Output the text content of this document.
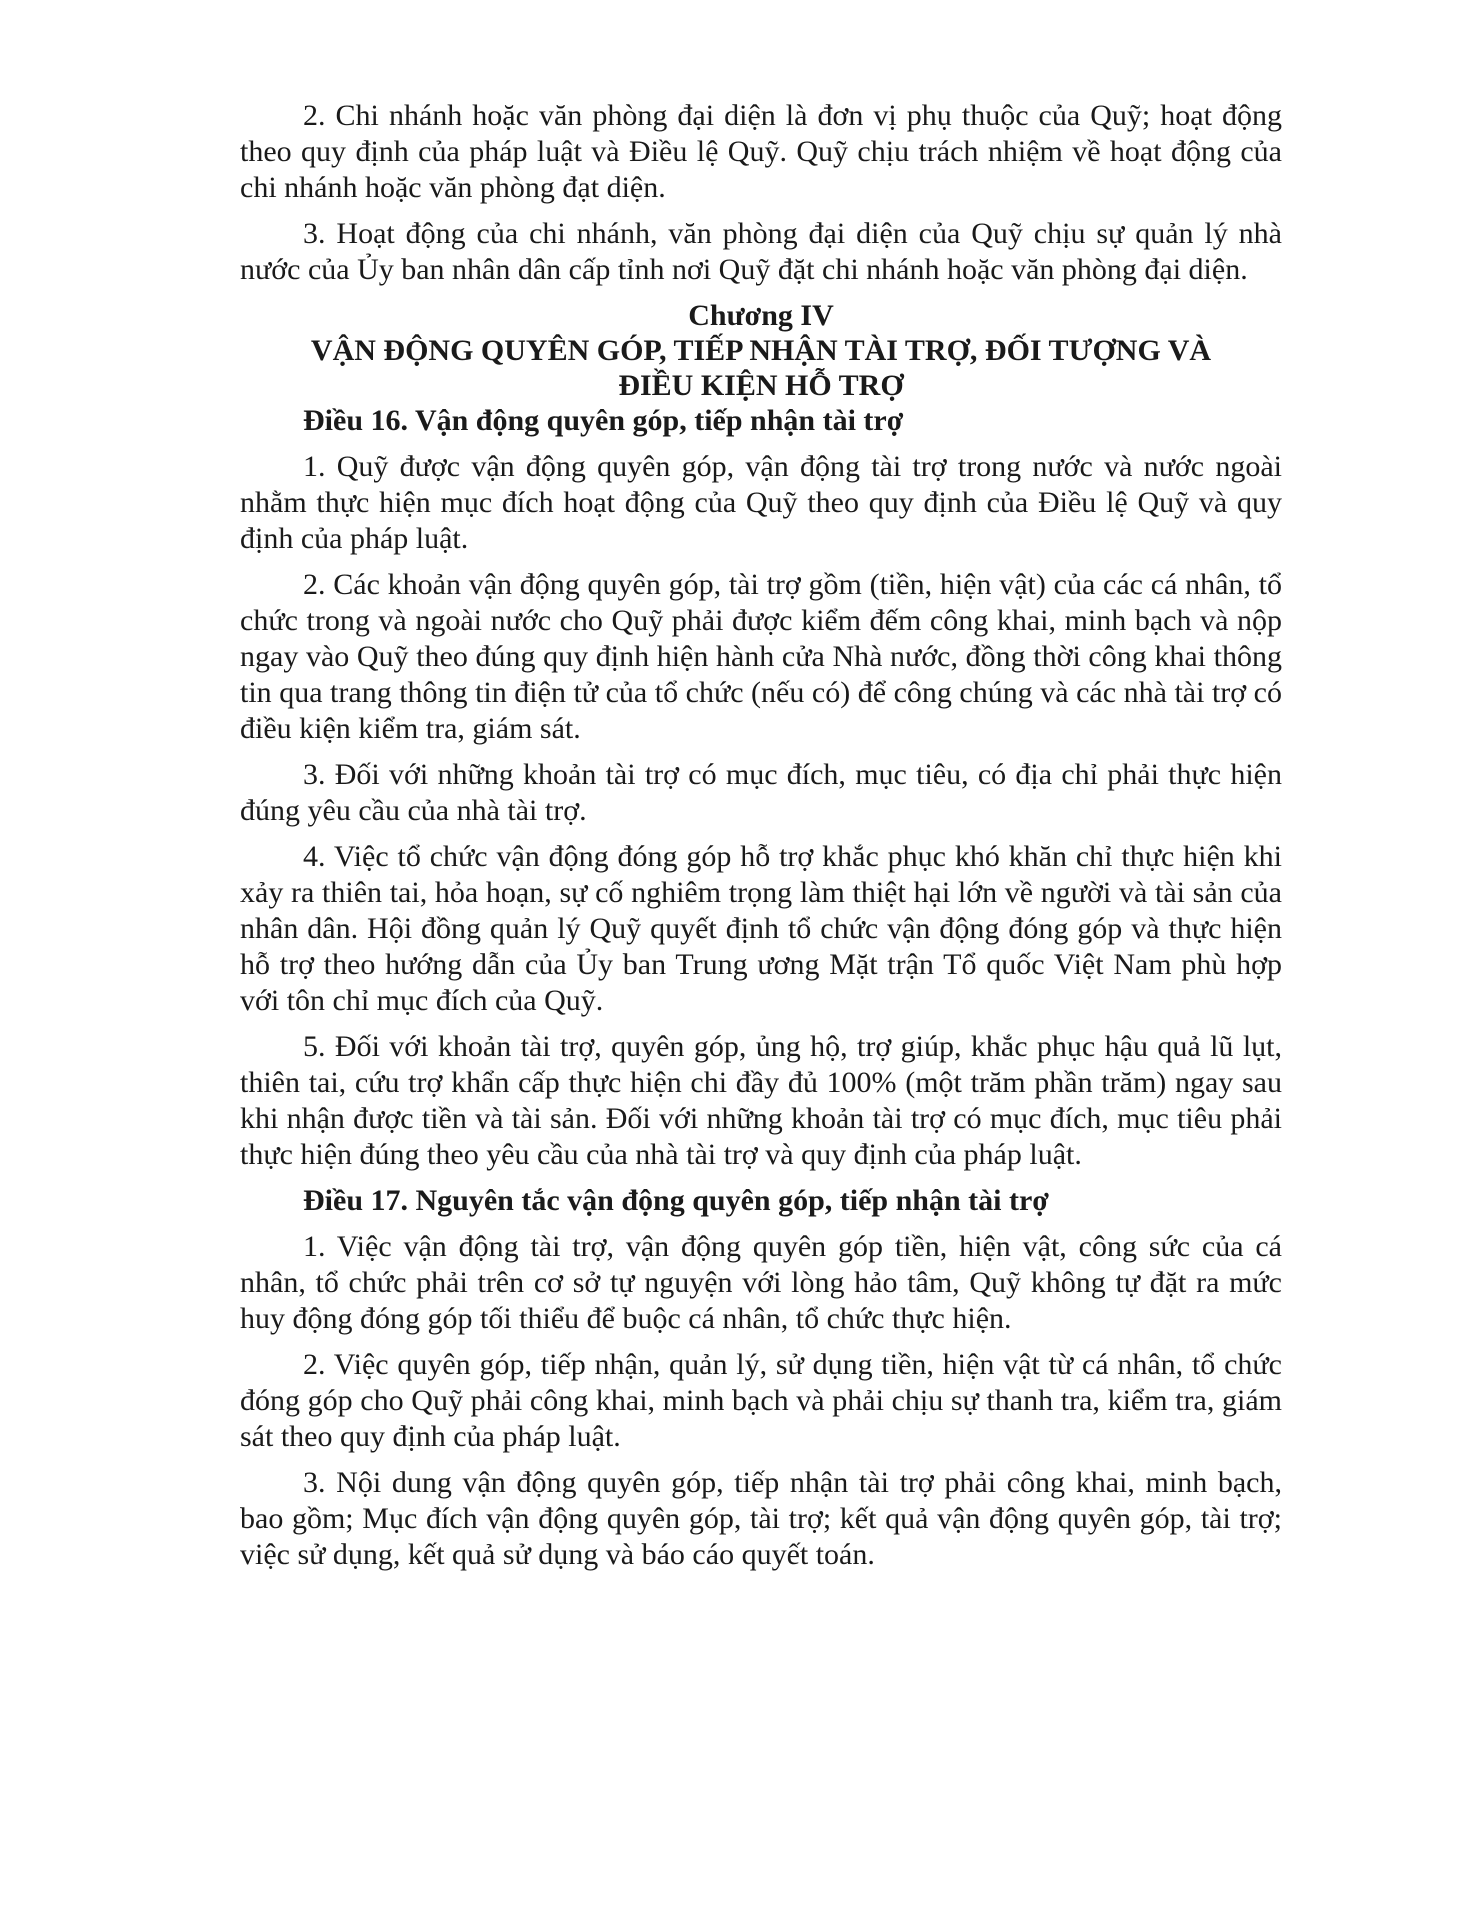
2. Chi nhánh hoặc văn phòng đại diện là đơn vị phụ thuộc của Quỹ; hoạt động theo quy định của pháp luật và Điều lệ Quỹ. Quỹ chịu trách nhiệm về hoạt động của chi nhánh hoặc văn phòng đạt diện.

3. Hoạt động của chi nhánh, văn phòng đại diện của Quỹ chịu sự quản lý nhà nước của Ủy ban nhân dân cấp tỉnh nơi Quỹ đặt chi nhánh hoặc văn phòng đại diện.

Chương IV

VẬN ĐỘNG QUYÊN GÓP, TIẾP NHẬN TÀI TRỢ, ĐỐI TƯỢNG VÀ

ĐIỀU KIỆN HỖ TRỢ

Điều 16. Vận động quyên góp, tiếp nhận tài trợ

1. Quỹ được vận động quyên góp, vận động tài trợ trong nước và nước ngoài nhằm thực hiện mục đích hoạt động của Quỹ theo quy định của Điều lệ Quỹ và quy định của pháp luật.

2. Các khoản vận động quyên góp, tài trợ gồm (tiền, hiện vật) của các cá nhân, tổ chức trong và ngoài nước cho Quỹ phải được kiểm đếm công khai, minh bạch và nộp ngay vào Quỹ theo đúng quy định hiện hành cửa Nhà nước, đồng thời công khai thông tin qua trang thông tin điện tử của tổ chức (nếu có) để công chúng và các nhà tài trợ có điều kiện kiểm tra, giám sát.

3. Đối với những khoản tài trợ có mục đích, mục tiêu, có địa chỉ phải thực hiện đúng yêu cầu của nhà tài trợ.

4. Việc tổ chức vận động đóng góp hỗ trợ khắc phục khó khăn chỉ thực hiện khi xảy ra thiên tai, hỏa hoạn, sự cố nghiêm trọng làm thiệt hại lớn về người và tài sản của nhân dân. Hội đồng quản lý Quỹ quyết định tổ chức vận động đóng góp và thực hiện hỗ trợ theo hướng dẫn của Ủy ban Trung ương Mặt trận Tổ quốc Việt Nam phù hợp với tôn chỉ mục đích của Quỹ.

5. Đối với khoản tài trợ, quyên góp, ủng hộ, trợ giúp, khắc phục hậu quả lũ lụt, thiên tai, cứu trợ khẩn cấp thực hiện chi đầy đủ 100% (một trăm phần trăm) ngay sau khi nhận được tiền và tài sản. Đối với những khoản tài trợ có mục đích, mục tiêu phải thực hiện đúng theo yêu cầu của nhà tài trợ và quy định của pháp luật.

Điều 17. Nguyên tắc vận động quyên góp, tiếp nhận tài trợ

1. Việc vận động tài trợ, vận động quyên góp tiền, hiện vật, công sức của cá nhân, tổ chức phải trên cơ sở tự nguyện với lòng hảo tâm, Quỹ không tự đặt ra mức huy động đóng góp tối thiểu để buộc cá nhân, tổ chức thực hiện.

2. Việc quyên góp, tiếp nhận, quản lý, sử dụng tiền, hiện vật từ cá nhân, tổ chức đóng góp cho Quỹ phải công khai, minh bạch và phải chịu sự thanh tra, kiểm tra, giám sát theo quy định của pháp luật.

3. Nội dung vận động quyên góp, tiếp nhận tài trợ phải công khai, minh bạch, bao gồm; Mục đích vận động quyên góp, tài trợ; kết quả vận động quyên góp, tài trợ; việc sử dụng, kết quả sử dụng và báo cáo quyết toán.
